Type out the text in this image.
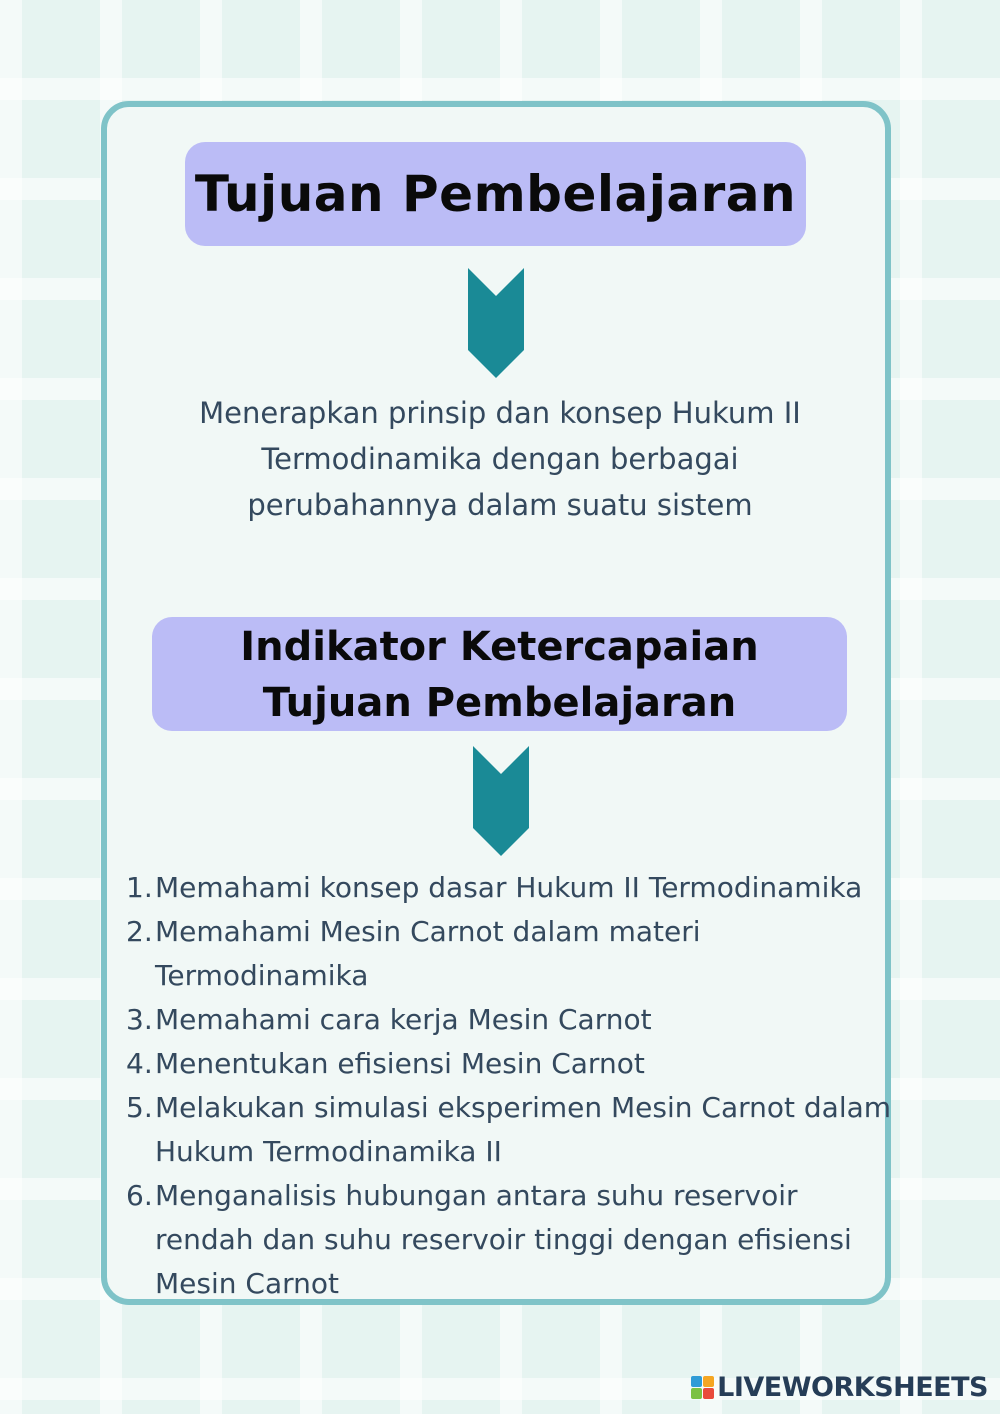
Tujuan Pembelajaran
Menerapkan prinsip dan konsep Hukum II Termodinamika dengan berbagai perubahannya dalam suatu sistem
Indikator Ketercapaian
Tujuan Pembelajaran
1. Memahami konsep dasar Hukum II Termodinamika
2. Memahami Mesin Carnot dalam materi Termodinamika
3. Memahami cara kerja Mesin Carnot
4. Menentukan efisiensi Mesin Carnot
5. Melakukan simulasi eksperimen Mesin Carnot dalam Hukum Termodinamika II
6. Menganalisis hubungan antara suhu reservoir rendah dan suhu reservoir tinggi dengan efisiensi Mesin Carnot
LIVEWORKSHEETS
